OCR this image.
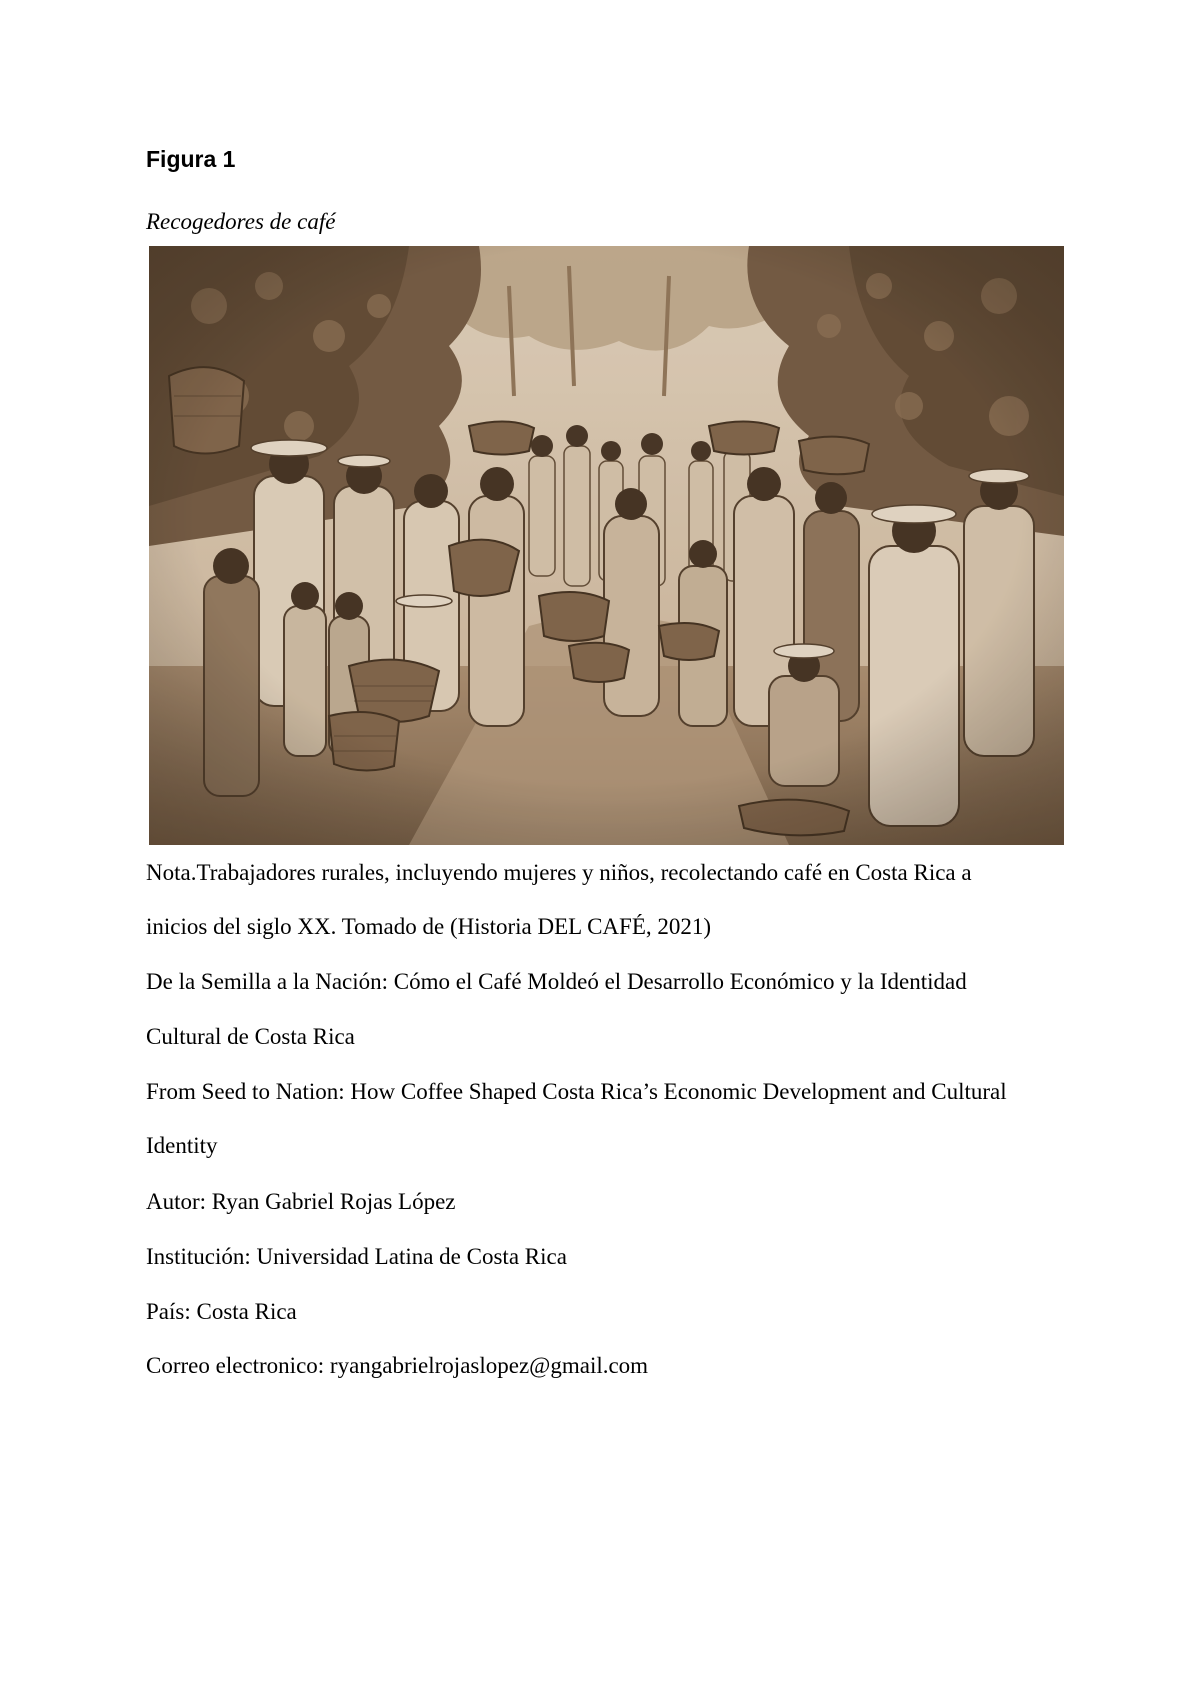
Figura 1
Recogedores de café
Nota.Trabajadores rurales, incluyendo mujeres y niños, recolectando café en Costa Rica a
inicios del siglo XX. Tomado de (Historia DEL CAFÉ, 2021)
De la Semilla a la Nación: Cómo el Café Moldeó el Desarrollo Económico y la Identidad
Cultural de Costa Rica
From Seed to Nation: How Coffee Shaped Costa Rica’s Economic Development and Cultural
Identity
Autor: Ryan Gabriel Rojas López
Institución: Universidad Latina de Costa Rica
País: Costa Rica
Correo electronico: ryangabrielrojaslopez@gmail.com
